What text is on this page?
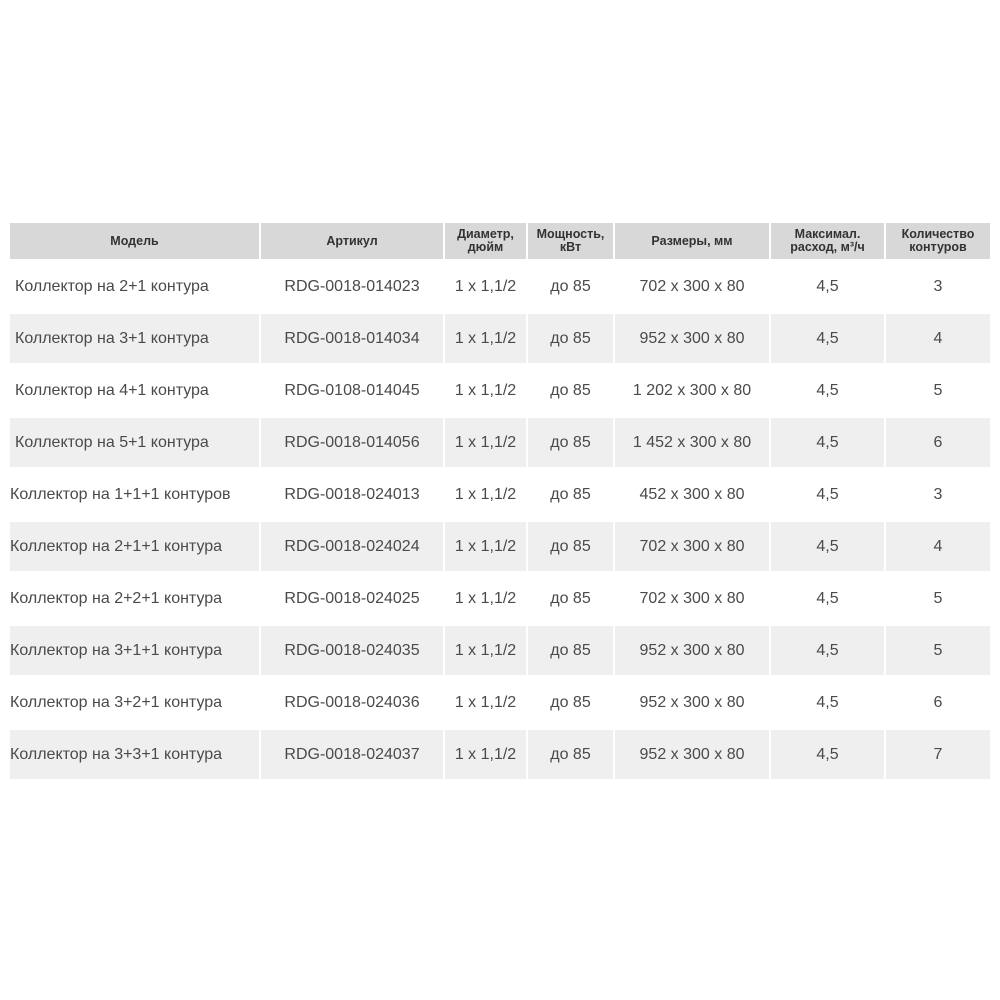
Модель	Артикул	Диаметр, дюйм	Мощность, кВт	Размеры, мм	Максимал. расход, м³/ч	Количество контуров
Коллектор на 2+1 контура	RDG-0018-014023	1 x 1,1/2	до 85	702 x 300 x 80	4,5	3
Коллектор на 3+1 контура	RDG-0018-014034	1 x 1,1/2	до 85	952 x 300 x 80	4,5	4
Коллектор на 4+1 контура	RDG-0108-014045	1 x 1,1/2	до 85	1 202 x 300 x 80	4,5	5
Коллектор на 5+1 контура	RDG-0018-014056	1 x 1,1/2	до 85	1 452 x 300 x 80	4,5	6
Коллектор на 1+1+1 контуров	RDG-0018-024013	1 x 1,1/2	до 85	452 x 300 x 80	4,5	3
Коллектор на 2+1+1 контура	RDG-0018-024024	1 x 1,1/2	до 85	702 x 300 x 80	4,5	4
Коллектор на 2+2+1 контура	RDG-0018-024025	1 x 1,1/2	до 85	702 x 300 x 80	4,5	5
Коллектор на 3+1+1 контура	RDG-0018-024035	1 x 1,1/2	до 85	952 x 300 x 80	4,5	5
Коллектор на 3+2+1 контура	RDG-0018-024036	1 x 1,1/2	до 85	952 x 300 x 80	4,5	6
Коллектор на 3+3+1 контура	RDG-0018-024037	1 x 1,1/2	до 85	952 x 300 x 80	4,5	7
